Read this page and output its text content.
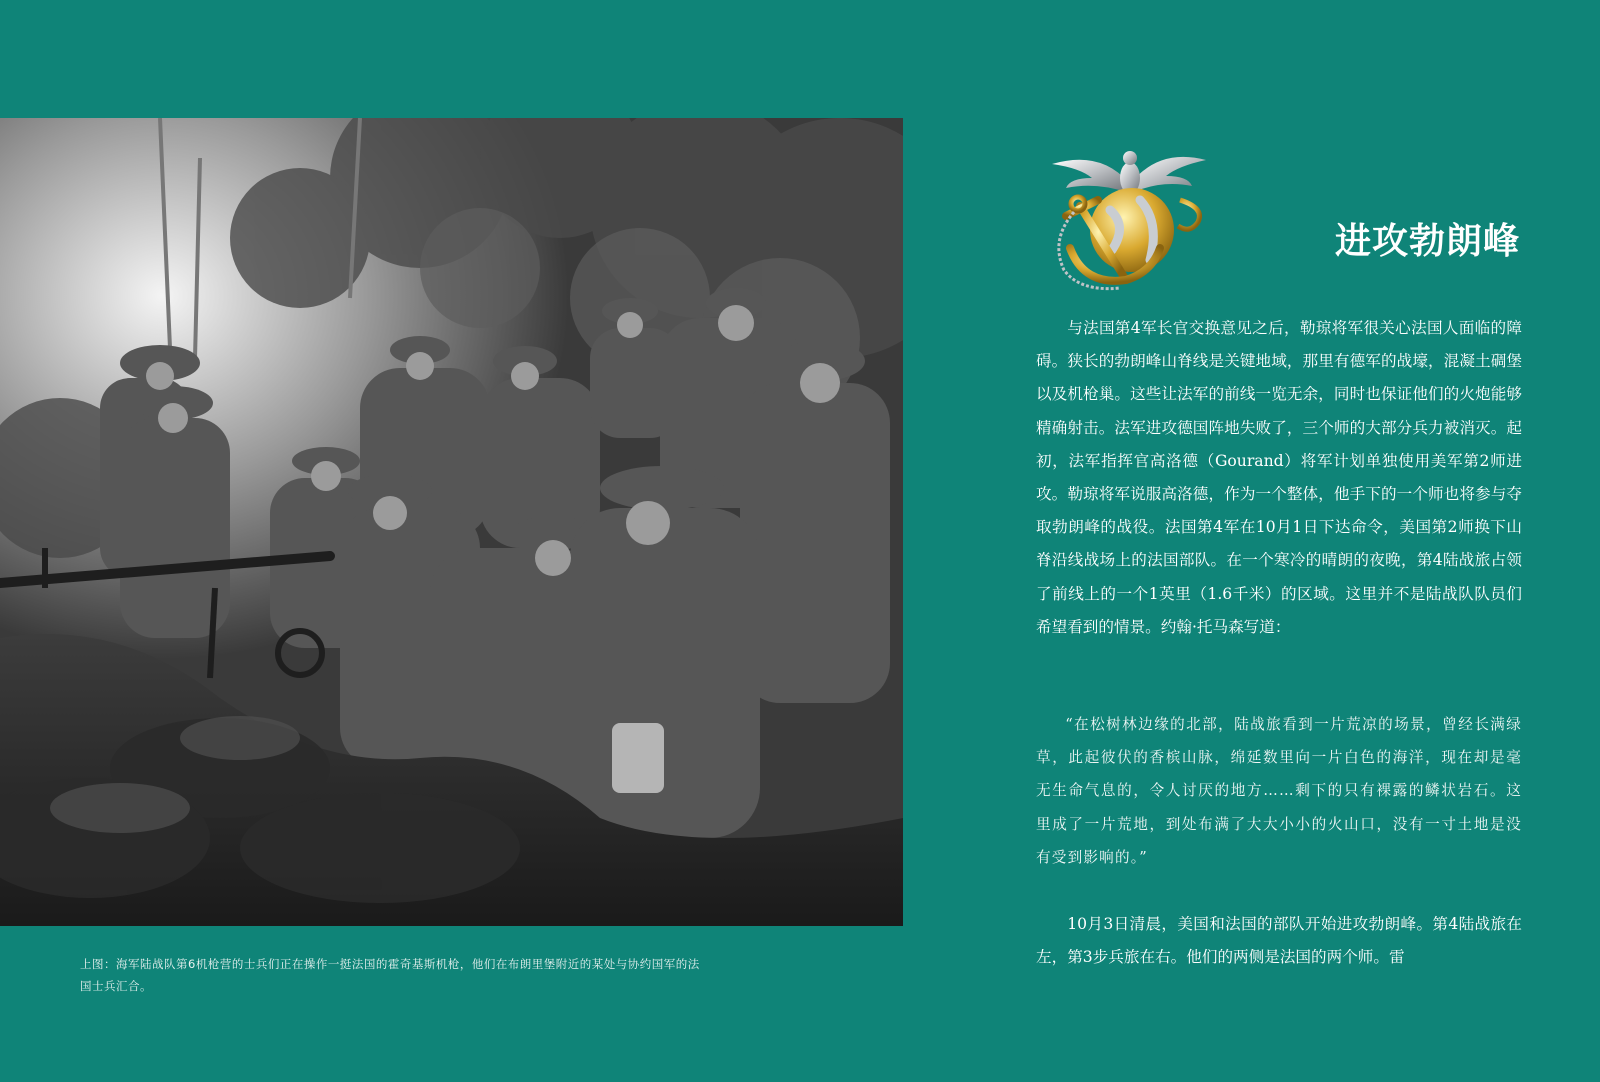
上图：海军陆战队第6机枪营的士兵们正在操作一挺法国的霍奇基斯机枪，他们在布朗里堡附近的某处与协约国军的法国士兵汇合。
进攻勃朗峰
与法国第4军长官交换意见之后，勒琼将军很关心法国人面临的障碍。狭长的勃朗峰山脊线是关键地域，那里有德军的战壕，混凝土碉堡以及机枪巢。这些让法军的前线一览无余，同时也保证他们的火炮能够精确射击。法军进攻德国阵地失败了，三个师的大部分兵力被消灭。起初，法军指挥官高洛德（Gourand）将军计划单独使用美军第2师进攻。勒琼将军说服高洛德，作为一个整体，他手下的一个师也将参与夺取勃朗峰的战役。法国第4军在10月1日下达命令，美国第2师换下山脊沿线战场上的法国部队。在一个寒冷的晴朗的夜晚，第4陆战旅占领了前线上的一个1英里（1.6千米）的区域。这里并不是陆战队队员们希望看到的情景。约翰·托马森写道：
“在松树林边缘的北部，陆战旅看到一片荒凉的场景，曾经长满绿草，此起彼伏的香槟山脉，绵延数里向一片白色的海洋，现在却是毫无生命气息的，令人讨厌的地方……剩下的只有裸露的鳞状岩石。这里成了一片荒地，到处布满了大大小小的火山口，没有一寸土地是没有受到影响的。”
10月3日清晨，美国和法国的部队开始进攻勃朗峰。第4陆战旅在左，第3步兵旅在右。他们的两侧是法国的两个师。雷
